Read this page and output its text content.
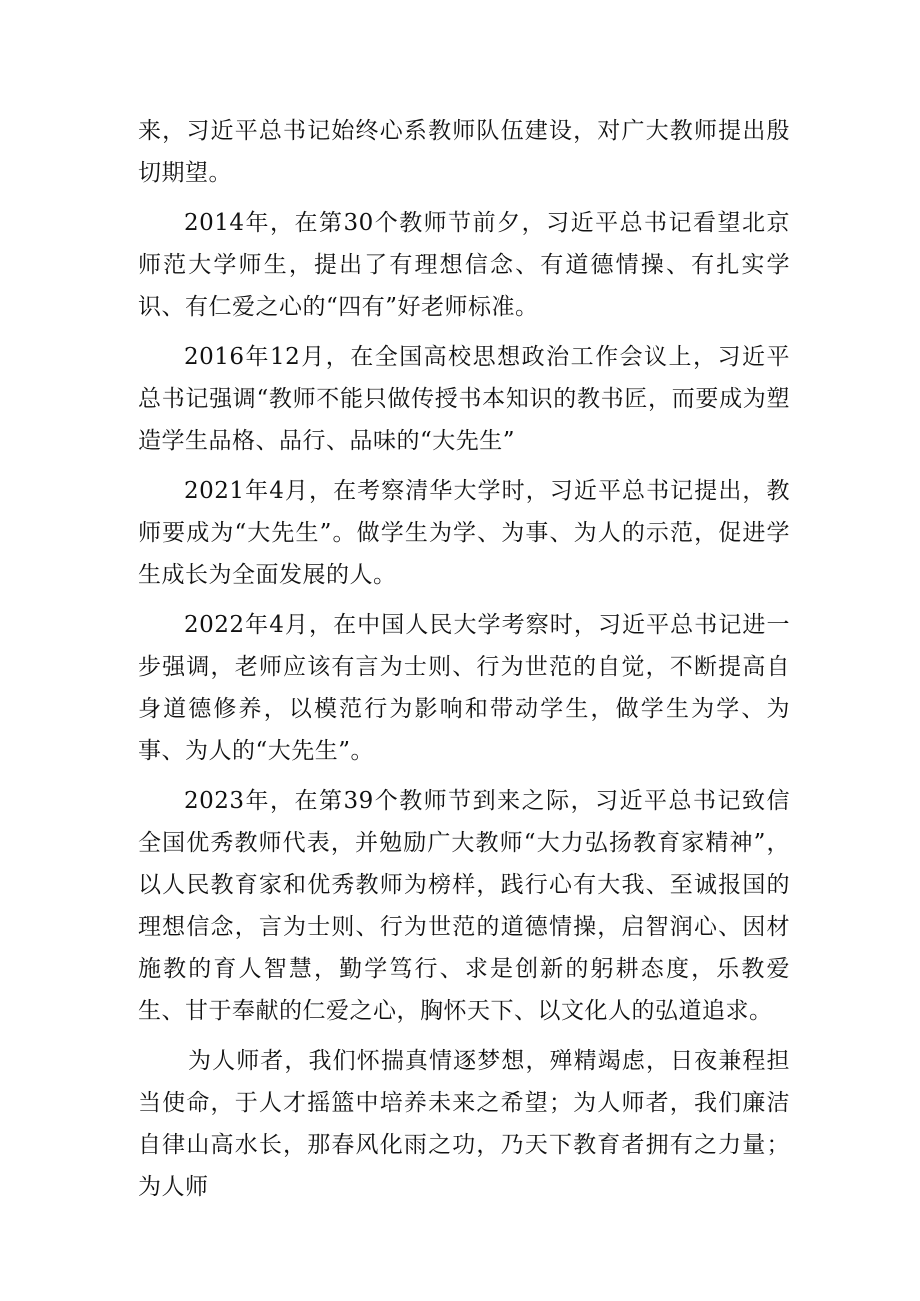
来，习近平总书记始终心系教师队伍建设，对广大教师提出殷切期望。

2014年，在第30个教师节前夕，习近平总书记看望北京师范大学师生，提出了有理想信念、有道德情操、有扎实学识、有仁爱之心的“四有”好老师标准。

2016年12月，在全国高校思想政治工作会议上，习近平总书记强调“教师不能只做传授书本知识的教书匠，而要成为塑造学生品格、品行、品味的“大先生”

2021年4月，在考察清华大学时，习近平总书记提出，教师要成为“大先生”。做学生为学、为事、为人的示范，促进学生成长为全面发展的人。

2022年4月，在中国人民大学考察时，习近平总书记进一步强调，老师应该有言为士则、行为世范的自觉，不断提高自身道德修养，以模范行为影响和带动学生，做学生为学、为事、为人的“大先生”。

2023年，在第39个教师节到来之际，习近平总书记致信全国优秀教师代表，并勉励广大教师“大力弘扬教育家精神”，以人民教育家和优秀教师为榜样，践行心有大我、至诚报国的理想信念，言为士则、行为世范的道德情操，启智润心、因材施教的育人智慧，勤学笃行、求是创新的躬耕态度，乐教爱生、甘于奉献的仁爱之心，胸怀天下、以文化人的弘道追求。

为人师者，我们怀揣真情逐梦想，殚精竭虑，日夜兼程担当使命，于人才摇篮中培养未来之希望；为人师者，我们廉洁自律山高水长，那春风化雨之功，乃天下教育者拥有之力量；为人师
